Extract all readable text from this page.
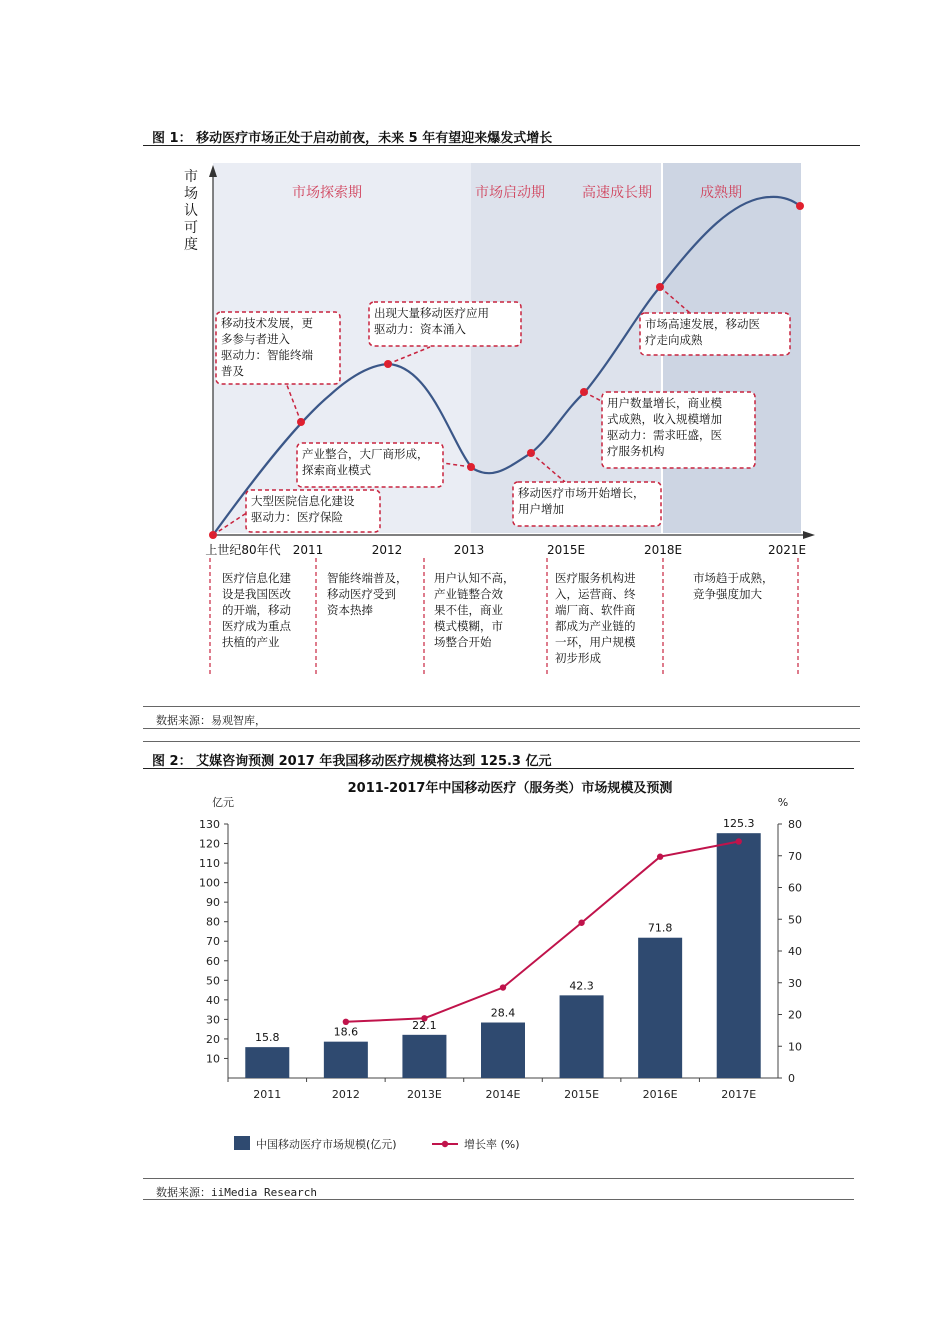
图 1： 移动医疗市场正处于启动前夜，未来 5 年有望迎来爆发式增长
市场探索期	市场启动期	高速成长期	成熟期
市
场
认
可
度
移动技术发展，更
多参与者进入
驱动力：智能终端
普及
出现大量移动医疗应用
驱动力：资本涌入	市场高速发展，移动医
疗走向成熟
用户数量增长，商业模
式成熟，收入规模增加
驱动力：需求旺盛，医
疗服务机构
产业整合，大厂商形成，
探索商业模式
移动医疗市场开始增长，
用户增加
大型医院信息化建设
驱动力：医疗保险
上世纪80年代 2011	2012	2013	2015E	2018E	2021E
医疗信息化建
设是我国医改
的开端，移动
医疗成为重点
扶植的产业
智能终端普及，
移动医疗受到
资本热捧
用户认知不高，
产业链整合效
果不佳，商业
模式模糊，市
场整合开始
医疗服务机构进
入，运营商、终
端厂商、软件商
都成为产业链的
一环，用户规模
初步形成
市场趋于成熟，
竞争强度加大
数据来源：易观智库，
图 2： 艾媒咨询预测 2017 年我国移动医疗规模将达到 125.3 亿元
2011-2017年中国移动医疗（服务类）市场规模及预测
亿元	%
10
20
30
40
50
60
70
80
90
100
110
120
130
0
10
20
30
40
50
60
70
80
2011	2012	2013E	2014E	2015E	2016E	2017E
15.8	18.6
22.1
28.4
42.3
71.8
125.3
中国移动医疗市场规模(亿元)	增长率 (%)
数据来源：iiMedia Research
